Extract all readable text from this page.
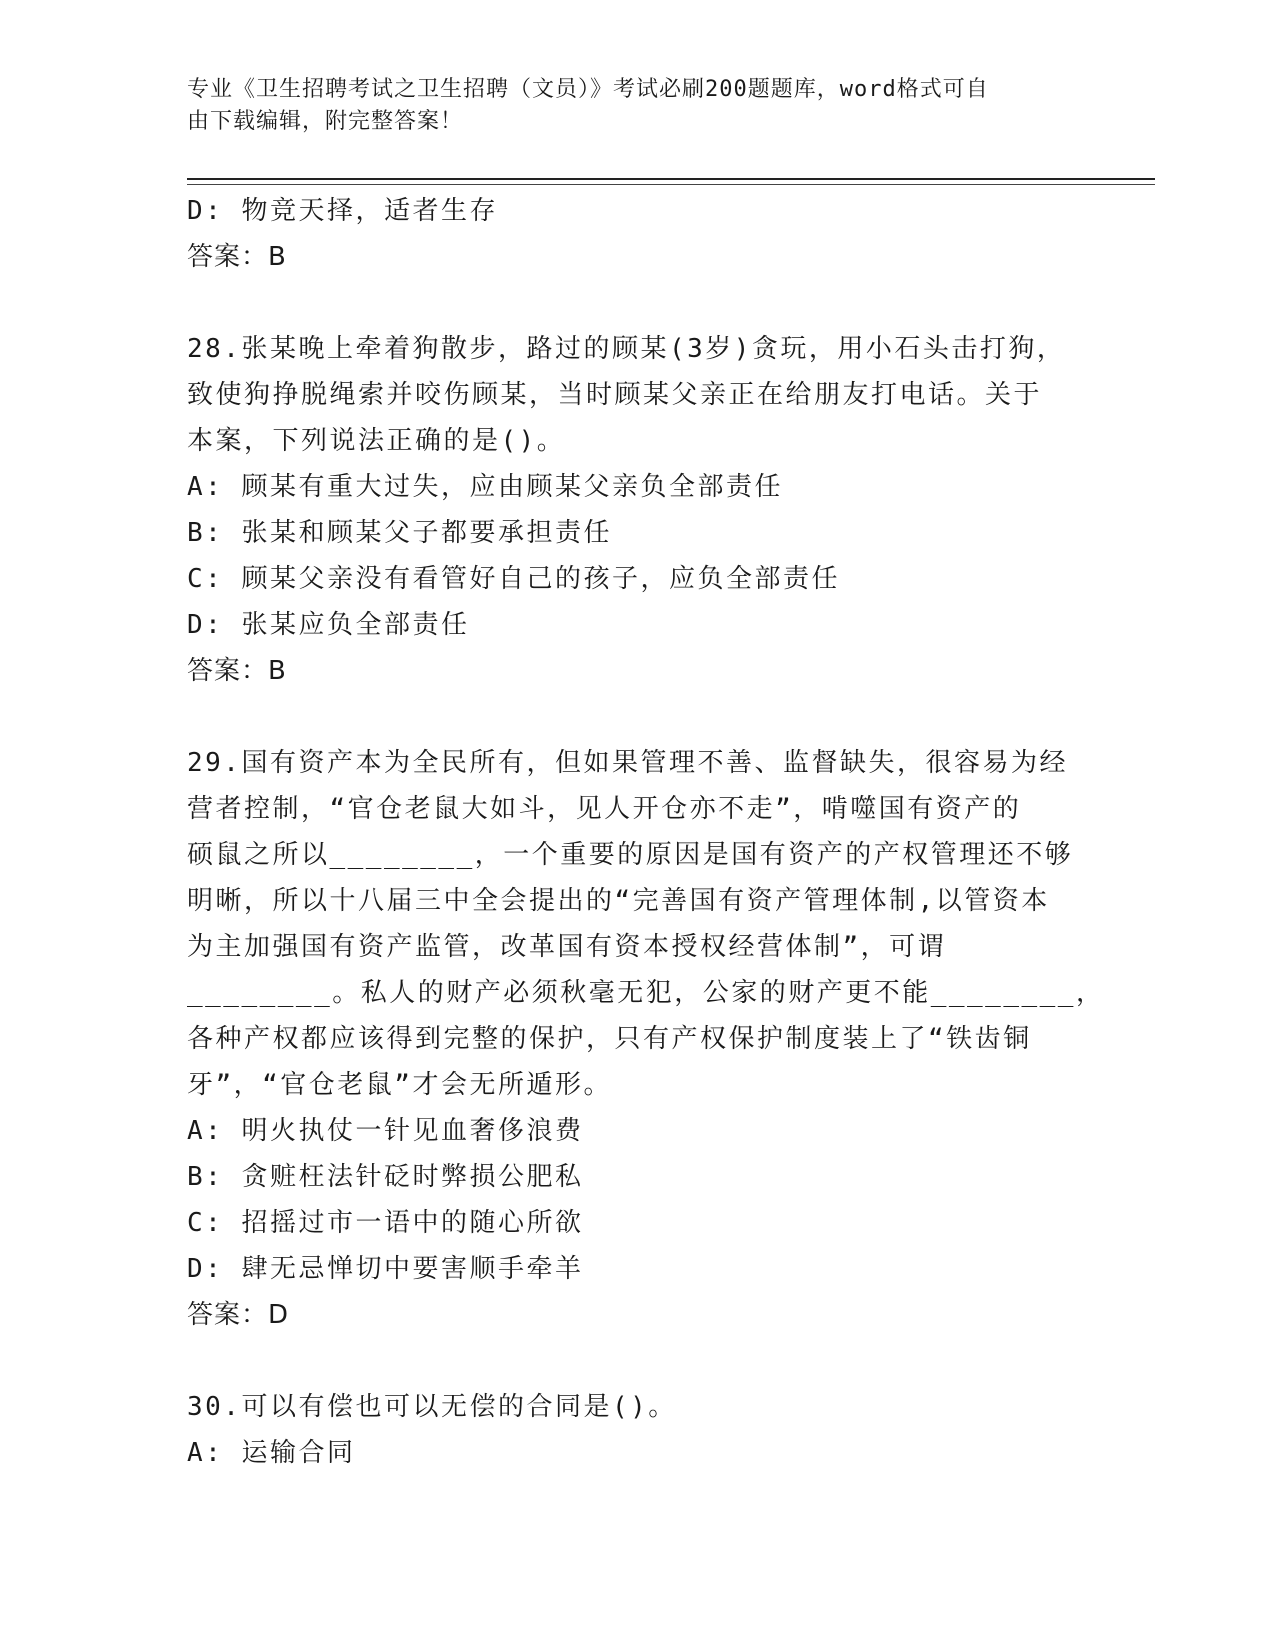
专业《卫生招聘考试之卫生招聘（文员）》考试必刷200题题库，word格式可自
由下载编辑，附完整答案！
D: 物竞天择，适者生存
答案：B
28.张某晚上牵着狗散步，路过的顾某(3岁)贪玩，用小石头击打狗，
致使狗挣脱绳索并咬伤顾某，当时顾某父亲正在给朋友打电话。关于
本案，下列说法正确的是()。
A: 顾某有重大过失，应由顾某父亲负全部责任
B: 张某和顾某父子都要承担责任
C: 顾某父亲没有看管好自己的孩子，应负全部责任
D: 张某应负全部责任
答案：B
29.国有资产本为全民所有，但如果管理不善、监督缺失，很容易为经
营者控制，“官仓老鼠大如斗，见人开仓亦不走”，啃噬国有资产的
硕鼠之所以________，一个重要的原因是国有资产的产权管理还不够
明晰，所以十八届三中全会提出的“完善国有资产管理体制,以管资本
为主加强国有资产监管，改革国有资本授权经营体制”，可谓
________。私人的财产必须秋毫无犯，公家的财产更不能________，
各种产权都应该得到完整的保护，只有产权保护制度装上了“铁齿铜
牙”，“官仓老鼠”才会无所遁形。
A: 明火执仗一针见血奢侈浪费
B: 贪赃枉法针砭时弊损公肥私
C: 招摇过市一语中的随心所欲
D: 肆无忌惮切中要害顺手牵羊
答案：D
30.可以有偿也可以无偿的合同是()。
A: 运输合同
